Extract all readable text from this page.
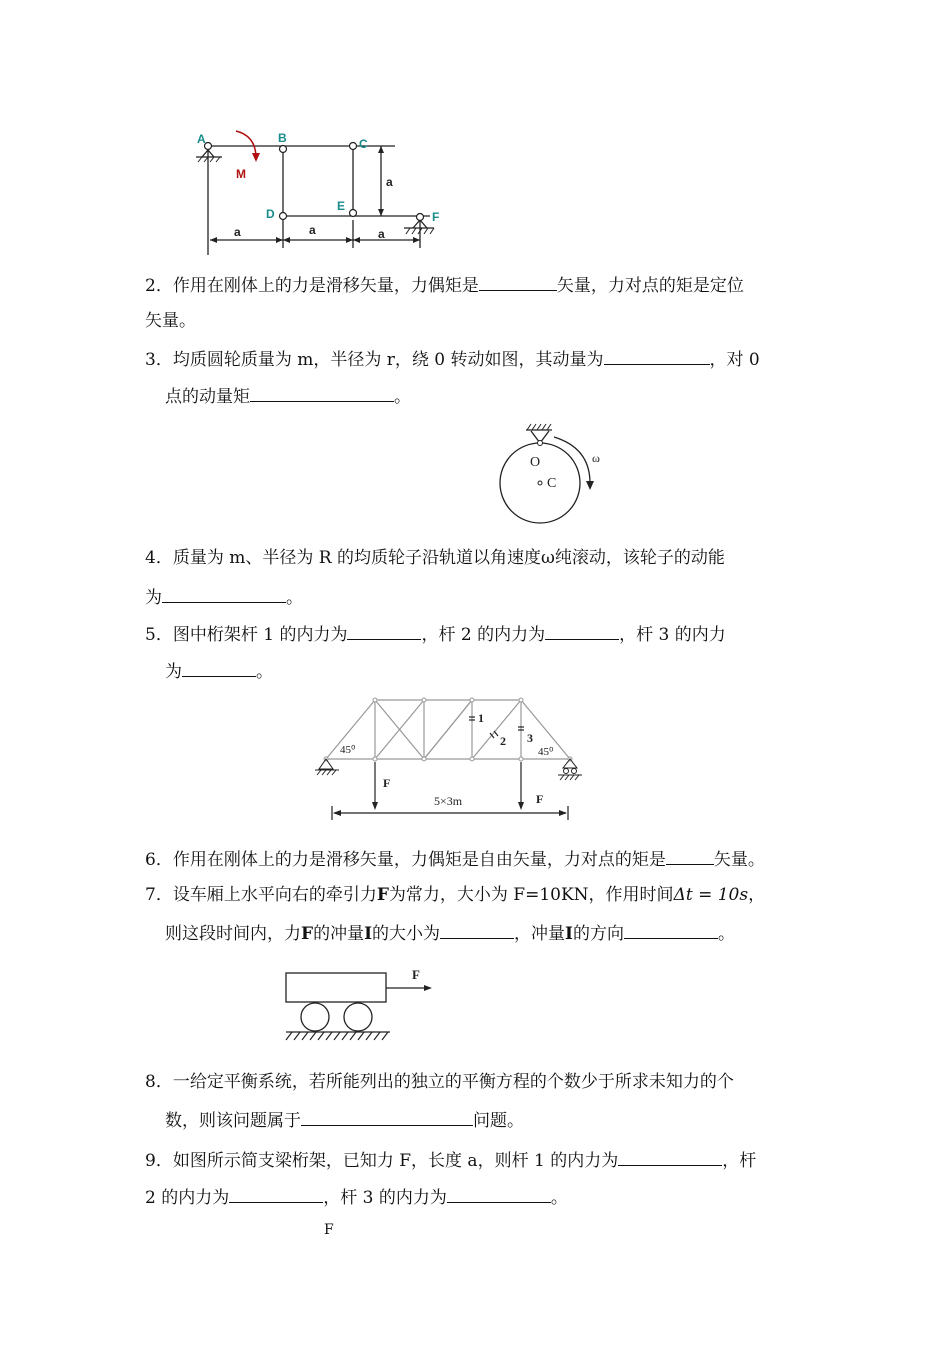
A	B	C
D
E
F
M
a
a	a	a
2．作用在刚体上的力是滑移矢量，力偶矩是	矢量，力对点的矩是定位
矢量。
3．均质圆轮质量为 m，半径为 r，绕 0 转动如图，其动量为	，对 0
点的动量矩	。
O
C
ω
4．质量为 m、半径为 R 的均质轮子沿轨道以角速度ω纯滚动，该轮子的动能
为	。
5．图中桁架杆 1 的内力为	，杆 2 的内力为	，杆 3 的内力
为	。
1
2 3
45⁰	45⁰
F
F
5×3m
6．作用在刚体上的力是滑移矢量，力偶矩是自由矢量，力对点的矩是	矢量。
7．设车厢上水平向右的牵引力F为常力，大小为 F=10KN，作用时间Δt = 10s，
则这段时间内，力F的冲量I的大小为	，冲量I的方向	。
F
8．一给定平衡系统，若所能列出的独立的平衡方程的个数少于所求未知力的个
数，则该问题属于	问题。
9．如图所示简支梁桁架，已知力 F，长度 a，则杆 1 的内力为	，杆
2 的内力为	，杆 3 的内力为	。
F
